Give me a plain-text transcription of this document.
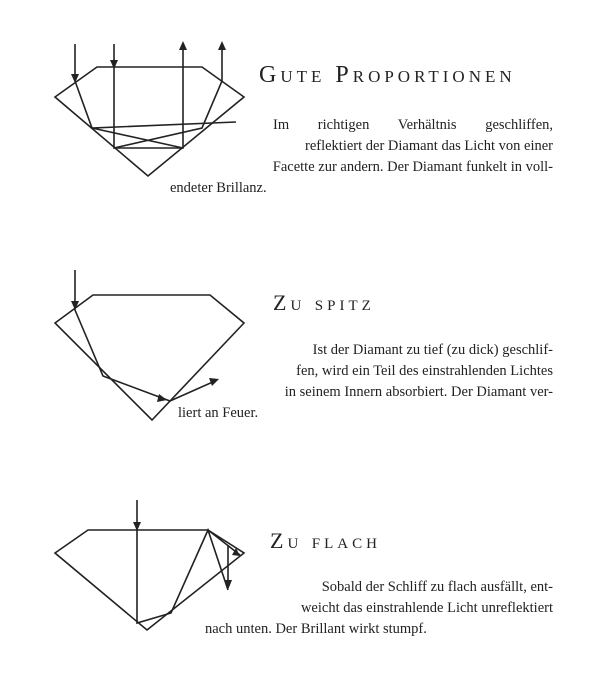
Gute Proportionen
Im richtigen Verhältnis geschliffen,
reflektiert der Diamant das Licht von einer
Facette zur andern. Der Diamant funkelt in voll-
endeter Brillanz.
Zu spitz
Ist der Diamant zu tief (zu dick) geschlif-
fen, wird ein Teil des einstrahlenden Lichtes
in seinem Innern absorbiert. Der Diamant ver-
liert an Feuer.
Zu flach
Sobald der Schliff zu flach ausfällt, ent-
weicht das einstrahlende Licht unreflektiert
nach unten. Der Brillant wirkt stumpf.
